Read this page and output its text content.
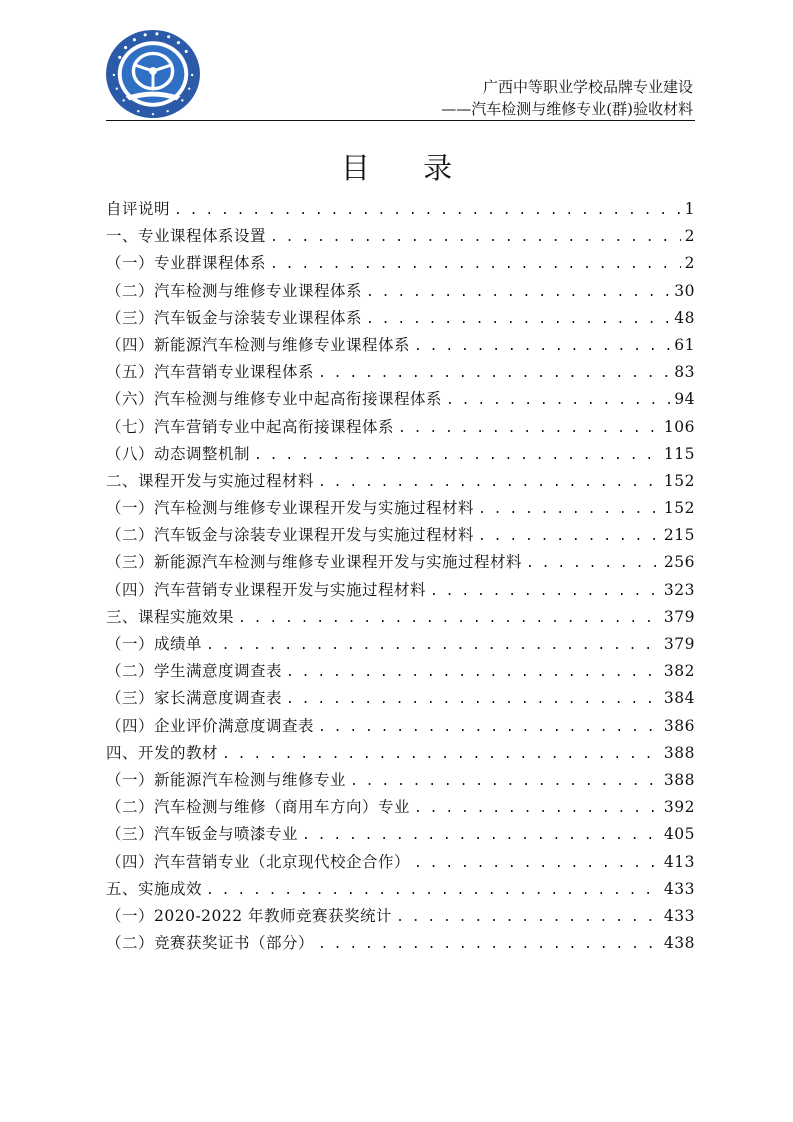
广西中等职业学校品牌专业建设
——汽车检测与维修专业(群)验收材料
目 录
自评说明 . . .	1
一、专业课程体系设置 . . .	2
（一）专业群课程体系 . . .	2
（二）汽车检测与维修专业课程体系 . . .	30
（三）汽车钣金与涂装专业课程体系 . . .	48
（四）新能源汽车检测与维修专业课程体系 . . .	61
（五）汽车营销专业课程体系 . . .	83
（六）汽车检测与维修专业中起高衔接课程体系 . . .	94
（七）汽车营销专业中起高衔接课程体系 . . .	106
（八）动态调整机制 . . .	115
二、课程开发与实施过程材料 . . .	152
（一）汽车检测与维修专业课程开发与实施过程材料 . . .	152
（二）汽车钣金与涂装专业课程开发与实施过程材料 . . .	215
（三）新能源汽车检测与维修专业课程开发与实施过程材料 . . .	256
（四）汽车营销专业课程开发与实施过程材料 . . .	323
三、课程实施效果 . . .	379
（一）成绩单 . . .	379
（二）学生满意度调查表 . . .	382
（三）家长满意度调查表 . . .	384
（四）企业评价满意度调查表 . . .	386
四、开发的教材 . . .	388
（一）新能源汽车检测与维修专业 . . .	388
（二）汽车检测与维修（商用车方向）专业 . . .	392
（三）汽车钣金与喷漆专业 . . .	405
（四）汽车营销专业（北京现代校企合作） . . .	413
五、实施成效 . . .	433
（一）2020-2022 年教师竞赛获奖统计 . . .	433
（二）竞赛获奖证书（部分） . . .	438
